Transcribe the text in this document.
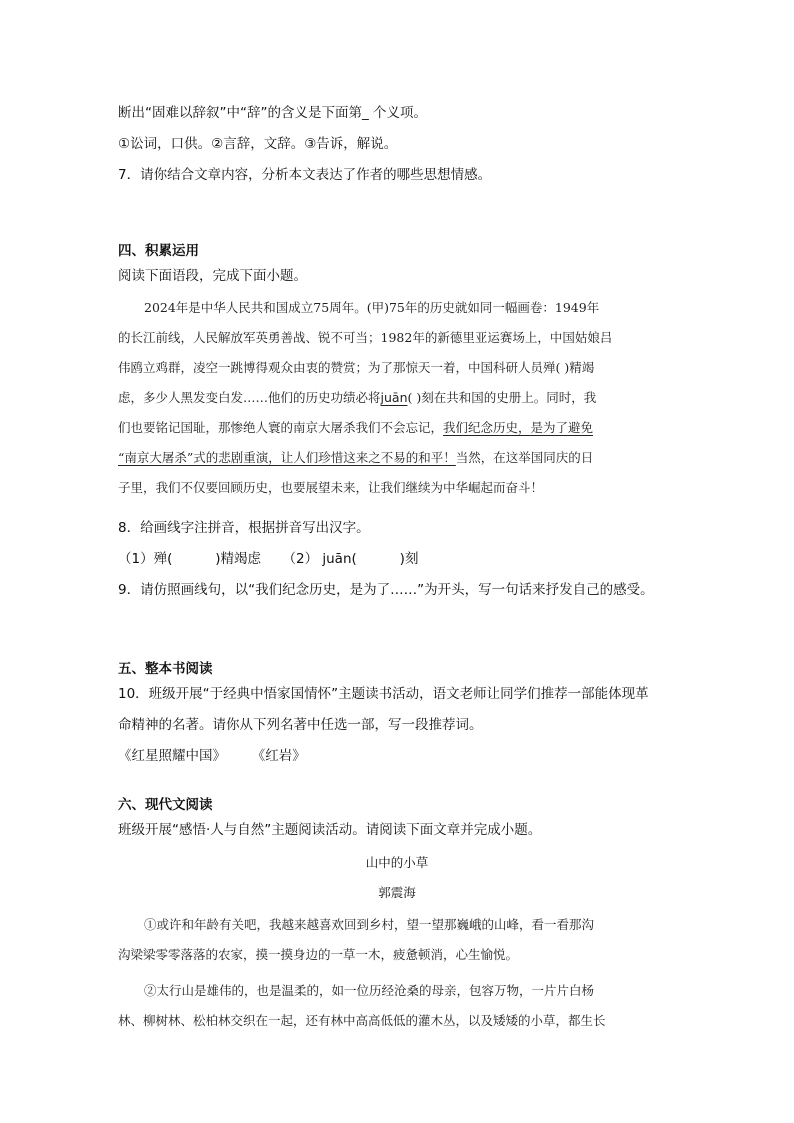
断出“固难以辞叙”中“辞”的含义是下面第_ 个义项。
①讼词，口供。②言辞，文辞。③告诉，解说。
7．请你结合文章内容，分析本文表达了作者的哪些思想情感。
四、积累运用
阅读下面语段，完成下面小题。
2024年是中华人民共和国成立75周年。(甲)75年的历史就如同一幅画卷：1949年
的长江前线，人民解放军英勇善战、锐不可当；1982年的新德里亚运赛场上，中国姑娘吕
伟鸥立鸡群，凌空一跳博得观众由衷的赞赏；为了那惊天一着，中国科研人员殚( )精竭
虑，多少人黑发变白发……他们的历史功绩必将juān( )刻在共和国的史册上。同时，我
们也要铭记国耻，那惨绝人寰的南京大屠杀我们不会忘记，我们纪念历史，是为了避免
“南京大屠杀”式的悲剧重演，让人们珍惜这来之不易的和平！当然，在这举国同庆的日
子里，我们不仅要回顾历史，也要展望未来，让我们继续为中华崛起而奋斗！
8．给画线字注拼音，根据拼音写出汉字。
（1）殚(          )精竭虑     （2） juān(          )刻
9．请仿照画线句，以“我们纪念历史，是为了……”为开头，写一句话来抒发自己的感受。
五、整本书阅读
10．班级开展“于经典中悟家国情怀”主题读书活动，语文老师让同学们推荐一部能体现革
命精神的名著。请你从下列名著中任选一部，写一段推荐词。
《红星照耀中国》      《红岩》
六、现代文阅读
班级开展“感悟·人与自然”主题阅读活动。请阅读下面文章并完成小题。
山中的小草
郭震海
①或许和年龄有关吧，我越来越喜欢回到乡村，望一望那巍峨的山峰，看一看那沟
沟梁梁零零落落的农家，摸一摸身边的一草一木，疲惫顿消，心生愉悦。
②太行山是雄伟的，也是温柔的，如一位历经沧桑的母亲，包容万物，一片片白杨
林、柳树林、松柏林交织在一起，还有林中高高低低的灌木丛，以及矮矮的小草，都生长
